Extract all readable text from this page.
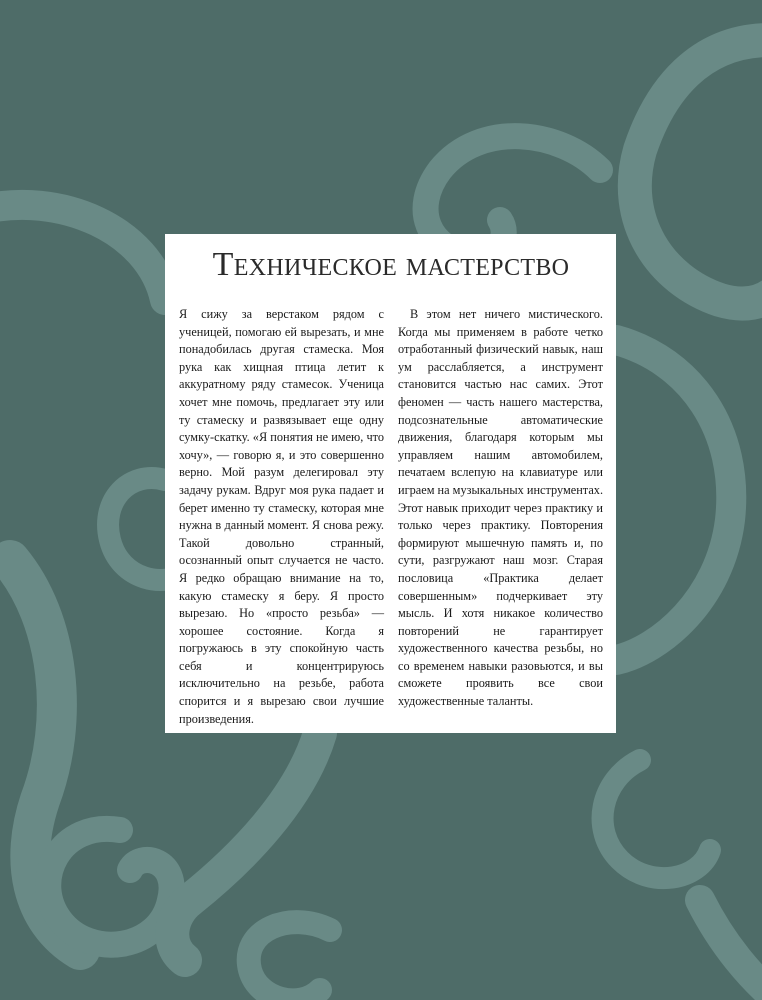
Техническое мастерство

Я сижу за верстаком рядом с ученицей, помогаю ей вырезать, и мне понадобилась другая стамеска. Моя рука как хищная птица летит к аккуратному ряду стамесок. Ученица хочет мне помочь, предлагает эту или ту стамеску и развязывает еще одну сумку-скатку. «Я понятия не имею, что хочу», — говорю я, и это совершенно верно. Мой разум делегировал эту задачу рукам. Вдруг моя рука падает и берет именно ту стамеску, которая мне нужна в данный момент. Я снова режу. Такой довольно странный, осознанный опыт случается не часто. Я редко обращаю внимание на то, какую стамеску я беру. Я просто вырезаю. Но «просто резьба» — хорошее состояние. Когда я погружаюсь в эту спокойную часть себя и концентрируюсь исключительно на резьбе, работа спорится и я вырезаю свои лучшие произведения.

В этом нет ничего мистического. Когда мы применяем в работе четко отработанный физический навык, наш ум расслабляется, а инструмент становится частью нас самих. Этот феномен — часть нашего мастерства, подсознательные автоматические движения, благодаря которым мы управляем нашим автомобилем, печатаем вслепую на клавиатуре или играем на музыкальных инструментах. Этот навык приходит через практику и только через практику. Повторения формируют мышечную память и, по сути, разгружают наш мозг. Старая пословица «Практика делает совершенным» подчеркивает эту мысль. И хотя никакое количество повторений не гарантирует художественного качества резьбы, но со временем навыки разовьются, и вы сможете проявить все свои художественные таланты.
